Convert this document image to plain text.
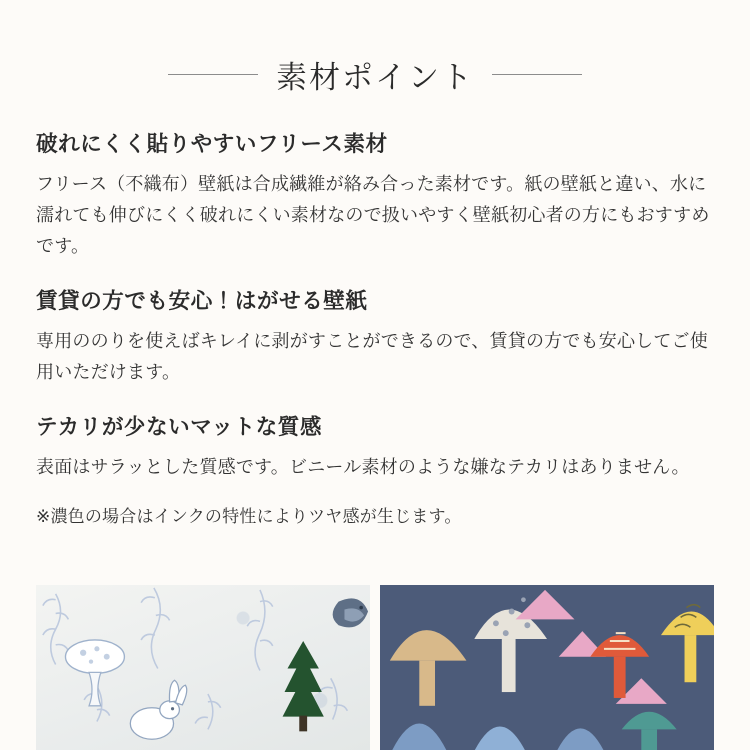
素材ポイント
破れにくく貼りやすいフリース素材

フリース（不織布）壁紙は合成繊維が絡み合った素材です。紙の壁紙と違い、水に濡れても伸びにくく破れにくい素材なので扱いやすく壁紙初心者の方にもおすすめです。

賃貸の方でも安心！はがせる壁紙

専用ののりを使えばキレイに剥がすことができるので、賃貸の方でも安心してご使用いただけます。

テカリが少ないマットな質感

表面はサラッとした質感です。ビニール素材のような嫌なテカリはありません。

※濃色の場合はインクの特性によりツヤ感が生じます。
